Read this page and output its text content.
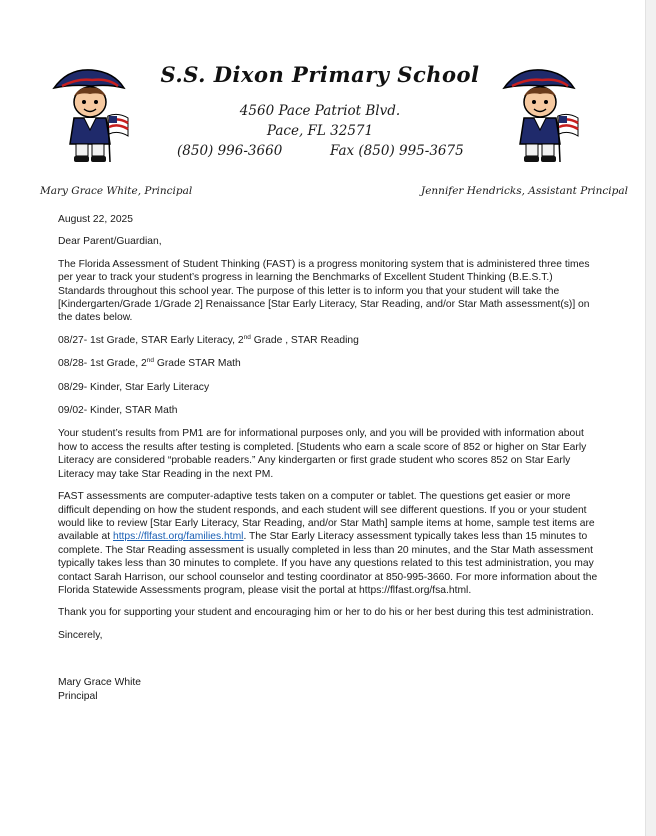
S.S. Dixon Primary School
4560 Pace Patriot Blvd.
Pace, FL 32571
(850) 996-3660	Fax (850) 995-3675
Mary Grace White, Principal	Jennifer Hendricks, Assistant Principal

August 22, 2025

Dear Parent/Guardian,

The Florida Assessment of Student Thinking (FAST) is a progress monitoring system that is administered three times per year to track your student’s progress in learning the Benchmarks of Excellent Student Thinking (B.E.S.T.) Standards throughout this school year. The purpose of this letter is to inform you that your student will take the [Kindergarten/Grade 1/Grade 2] Renaissance [Star Early Literacy, Star Reading, and/or Star Math assessment(s)] on the dates below.

08/27- 1st Grade, STAR Early Literacy, 2nd Grade , STAR Reading

08/28- 1st Grade, 2nd Grade STAR Math

08/29- Kinder, Star Early Literacy

09/02- Kinder, STAR Math

Your student’s results from PM1 are for informational purposes only, and you will be provided with information about how to access the results after testing is completed. [Students who earn a scale score of 852 or higher on Star Early Literacy are considered “probable readers.” Any kindergarten or first grade student who scores 852 on Star Early Literacy may take Star Reading in the next PM.

FAST assessments are computer-adaptive tests taken on a computer or tablet. The questions get easier or more difficult depending on how the student responds, and each student will see different questions. If you or your student would like to review [Star Early Literacy, Star Reading, and/or Star Math] sample items at home, sample test items are available at https://flfast.org/families.html. The Star Early Literacy assessment typically takes less than 15 minutes to complete. The Star Reading assessment is usually completed in less than 20 minutes, and the Star Math assessment typically takes less than 30 minutes to complete. If you have any questions related to this test administration, you may contact Sarah Harrison, our school counselor and testing coordinator at 850-995-3660. For more information about the Florida Statewide Assessments program, please visit the portal at https://flfast.org/fsa.html.

Thank you for supporting your student and encouraging him or her to do his or her best during this test administration.

Sincerely,

Mary Grace White
Principal
